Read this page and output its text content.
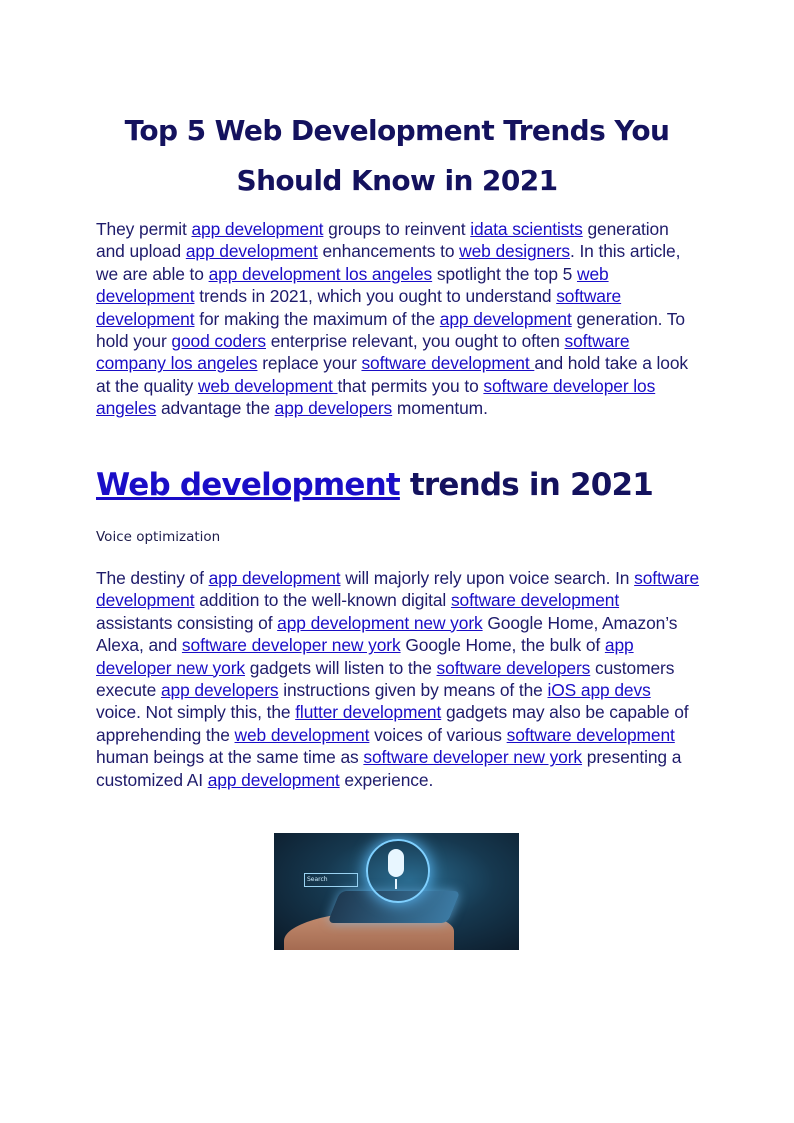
Top 5 Web Development Trends You Should Know in 2021
They permit app development groups to reinvent idata scientists generation and upload app development enhancements to web designers. In this article, we are able to app development los angeles spotlight the top 5 web development trends in 2021, which you ought to understand software development for making the maximum of the app development generation. To hold your good coders enterprise relevant, you ought to often software company los angeles replace your software development and hold take a look at the quality web development that permits you to software developer los angeles advantage the app developers momentum.
Web development trends in 2021
Voice optimization
The destiny of app development will majorly rely upon voice search. In software development addition to the well-known digital software development assistants consisting of app development new york Google Home, Amazon’s Alexa, and software developer new york Google Home, the bulk of app developer new york gadgets will listen to the software developers customers execute app developers instructions given by means of the iOS app devs voice. Not simply this, the flutter development gadgets may also be capable of apprehending the web development voices of various software development human beings at the same time as software developer new york presenting a customized AI app development experience.
Search
